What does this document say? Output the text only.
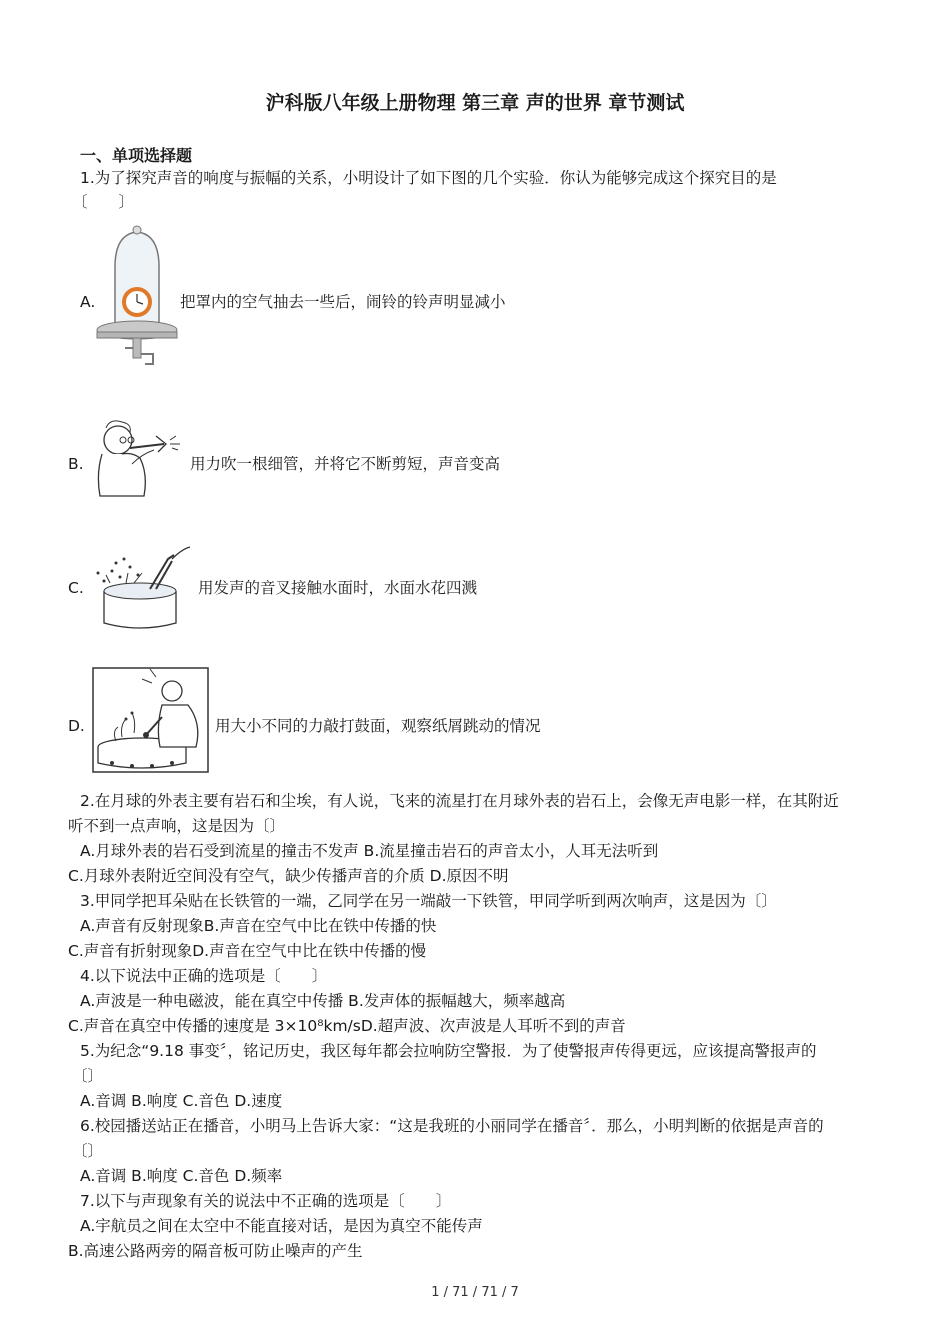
沪科版八年级上册物理 第三章 声的世界 章节测试
一、单项选择题
1.为了探究声音的响度与振幅的关系，小明设计了如下图的几个实验．你认为能够完成这个探究目的是
〔　　〕
A.	把罩内的空气抽去一些后，闹铃的铃声明显减小
B.	用力吹一根细管，并将它不断剪短，声音变高
C.	用发声的音叉接触水面时，水面水花四溅
D.	用大小不同的力敲打鼓面，观察纸屑跳动的情况
2.在月球的外表主要有岩石和尘埃，有人说，飞来的流星打在月球外表的岩石上，会像无声电影一样，在其附近
听不到一点声响，这是因为〔〕
A.月球外表的岩石受到流星的撞击不发声 B.流星撞击岩石的声音太小，人耳无法听到
C.月球外表附近空间没有空气，缺少传播声音的介质 D.原因不明
3.甲同学把耳朵贴在长铁管的一端，乙同学在另一端敲一下铁管，甲同学听到两次响声，这是因为〔〕
A.声音有反射现象B.声音在空气中比在铁中传播的快
C.声音有折射现象D.声音在空气中比在铁中传播的慢
4.以下说法中正确的选项是〔　　〕
A.声波是一种电磁波，能在真空中传播 B.发声体的振幅越大，频率越高
C.声音在真空中传播的速度是 3×10⁸km/sD.超声波、次声波是人耳听不到的声音
5.为纪念“9.18 事变〞，铭记历史，我区每年都会拉响防空警报．为了使警报声传得更远，应该提高警报声的
〔〕
A.音调 B.响度 C.音色 D.速度
6.校园播送站正在播音，小明马上告诉大家：“这是我班的小丽同学在播音〞．那么，小明判断的依据是声音的
〔〕
A.音调 B.响度 C.音色 D.频率
7.以下与声现象有关的说法中不正确的选项是〔　　〕
A.宇航员之间在太空中不能直接对话，是因为真空不能传声
B.高速公路两旁的隔音板可防止噪声的产生
1 / 71 / 71 / 7
